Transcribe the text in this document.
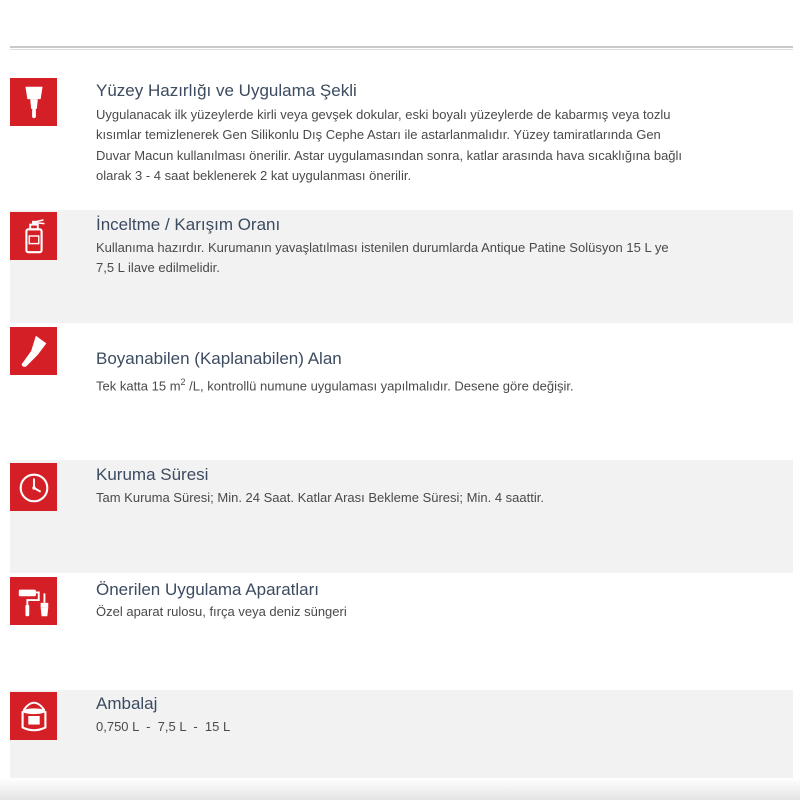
Yüzey Hazırlığı ve Uygulama Şekli
Uygulanacak ilk yüzeylerde kirli veya gevşek dokular, eski boyalı yüzeylerde de kabarmış veya tozlu
kısımlar temizlenerek Gen Silikonlu Dış Cephe Astarı ile astarlanmalıdır. Yüzey tamiratlarında Gen
Duvar Macun kullanılması önerilir. Astar uygulamasından sonra, katlar arasında hava sıcaklığına bağlı
olarak 3 - 4 saat beklenerek 2 kat uygulanması önerilir.
İnceltme / Karışım Oranı
Kullanıma hazırdır. Kurumanın yavaşlatılması istenilen durumlarda Antique Patine Solüsyon 15 L ye
7,5 L ilave edilmelidir.
Boyanabilen (Kaplanabilen) Alan
Tek katta 15 $m^2$ /L, kontrollü numune uygulaması yapılmalıdır. Desene göre değişir.
Kuruma Süresi
Tam Kuruma Süresi; Min. 24 Saat. Katlar Arası Bekleme Süresi; Min. 4 saattir.
Önerilen Uygulama Aparatları
Özel aparat rulosu, fırça veya deniz süngeri
Ambalaj
0,750 L  -  7,5 L  -  15 L
